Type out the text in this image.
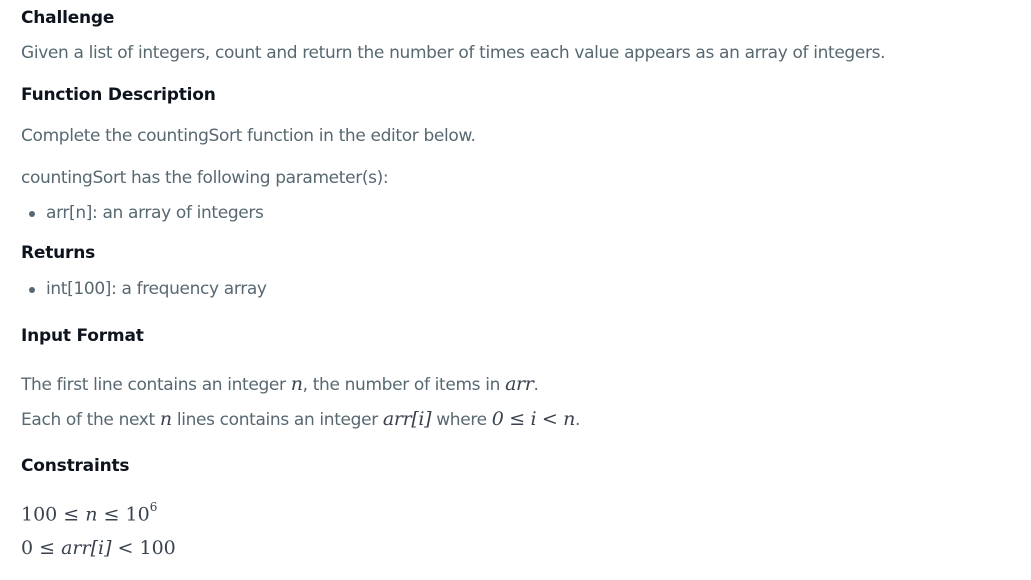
Challenge
Given a list of integers, count and return the number of times each value appears as an array of integers.
Function Description
Complete the countingSort function in the editor below.
countingSort has the following parameter(s):
arr[n]: an array of integers
Returns
int[100]: a frequency array
Input Format
The first line contains an integer n, the number of items in arr.
Each of the next n lines contains an integer arr[i] where 0 ≤ i < n.
Constraints
$100 \le n \le 10^6$
0 ≤ arr[i] < 100
